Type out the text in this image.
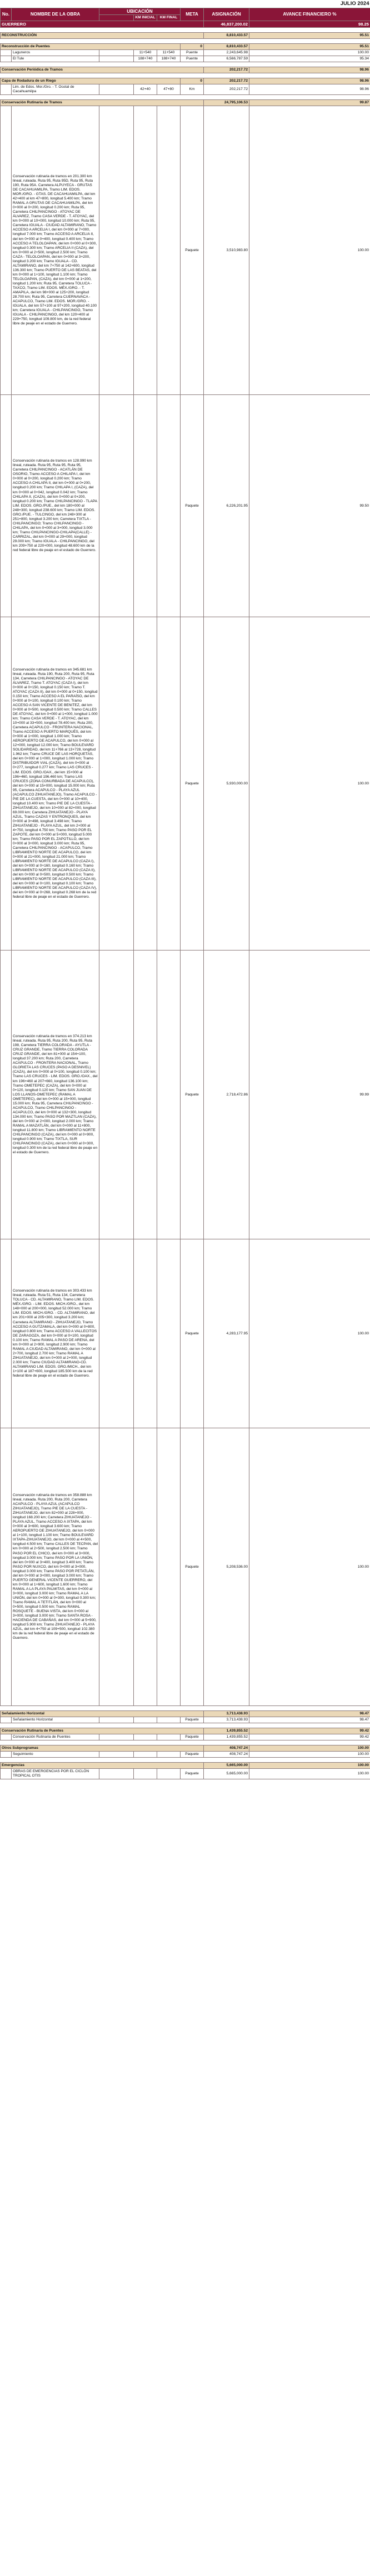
JULIO 2024							
No.	NOMBRE DE LA OBRA	UBICACIÓN			META	ASIGNACIÓN	AVANCE FINANCIERO %
			KM INICIAL	KM FINAL			
GUERRERO						46,837,200.02	98.25

RECONSTRUCCIÓN						8,810,433.57	95.51

Reconstrucción de Puentes					0	8,810,433.57	95.51
	Laguneros		11+540	11+540	Puente	2,243,645.98	100.00
	El Tule		188+740	188+740	Puente	6,566,787.59	95.34

Conservación Periódica de Tramos						202,217.72	98.96

Capa de Rodadura de un Riego					0	202,217.72	98.96
	Lim. de Edos. Mor./Gro. - T. Ocotal de Cacahuamilpa		42+40	47+80	Km	202,217.72	98.96

Conservación Rutinaria de Tramos						24,795,106.53	99.87
	Conservación rutinaria de tramos en 201.300 km lineal, ruteada. Ruta 95, Ruta 95D, Ruta 95, Ruta 190, Ruta 95A. Carretera ALPUYECA - GRUTAS DE CACAHUAMILPA, Tramo LIM. EDOS. MOR./GRO. - GTAS. DE CACAHUAMILPA, del km 42+400 al km 47+800, longitud 5.400 km; Tramo RAMAL A GRUTAS DE CACAHUAMILPA, del km 0+000 al 0+200, longitud 0.200 km; Ruta 95, Carretera CHILPANCINGO - ATOYAC DE ÁLVAREZ, Tramo CASA VERDE - T. ATOYAC, del km 0+000 al 10+000, longitud 10.000 km; Ruta 95, Carretera IGUALA - CIUDAD ALTAMIRANO, Tramo ACCESO A ARCELIA I, del km 0+000 al 7+000, longitud 7.000 km; Tramo ACCESO A ARCELIA II, del km 0+000 al 0+400, longitud 0.400 km; Tramo ACCESO A TELOLOAPAN, del km 0+000 al 0+300, longitud 0.300 km; Tramo ARCELIA II (CAZA), del km 0+000 al 2+500, longitud 2.500 km; Tramo CAZA - TELOLOAPAN, del km 0+000 al 3+200, longitud 3.200 km; Tramo IGUALA - CD. ALTAMIRANO, del km 7+750 al 142+600, longitud 136.300 km; Tramo PUERTO DE LAS BEATAS, del km 0+000 al 1+100, longitud 1.100 km; Tramo TELOLOAPAN, (CAZA), del km 0+000 al 1+200, longitud 1.200 km; Ruta 95, Carretera TOLUCA - TAXCO, Tramo LIM. EDOS. MÉX./GRO. - T. AMAPILA, del km 98+000 al 125+200, longitud 28.700 km; Ruta 95, Carretera CUERNAVACA - ACAPULCO, Tramo LIM. EDOS. MOR./GRO. - IGUALA, del km 57+100 al 97+200, longitud 40.100 km; Carretera IGUALA - CHILPANCINGO, Tramo IGUALA - CHILPANCINGO, del km 120+400 al 229+750, longitud 109.800 km, de la red federal libre de peaje en el estado de Guerrero.				Paquete	3,510,983.80	100.00
	Conservación rutinaria de tramos en 128.990 km lineal, ruteada. Ruta 95, Ruta 95, Ruta 95, Carretera CHILPANCINGO - ACATLÁN DE OSORIO, Tramo ACCESO A CHILAPA I, del km 0+000 al 0+200, longitud 0.200 km; Tramo ACCESO A CHILAPA II, del km 0+000 al 0+200, longitud 0.200 km; Tramo CHILAPA I, (CAZA), del km 0+000 al 0+042, longitud 0.042 km; Tramo CHILAPA II, (CAZA), del km 0+000 al 0+200, longitud 0.200 km; Tramo CHILPANCINGO - TLAPA LIM. EDOS. GRO./PUE., del km 180+000 al 248+300, longitud 238.600 km; Tramo LIM. EDOS. GRO./PUE. - TULCINGO, del km 248+300 al 251+800, longitud 3.200 km; Carretera TIXTLA - CHILPANCINGO; Tramo CHILPANCINGO - CHILAPA, del km 0+000 al 3+000, longitud 3.000 km; Tramo CHILPANCINGO-CHILAPA(CALLE) - CARRIZAL, del km 0+000 al 29+000, longitud 29.000 km; Tramo IGUALA - CHILPANCINGO, del km 209+750 al 220+000, longitud 48.600 km de la red federal libre de peaje en el estado de Guerrero.				Paquete	6,226,201.95	99.50
	Conservación rutinaria de tramos en 345.681 km lineal, ruteada. Ruta 190, Ruta 200, Ruta 95, Ruta 134, Carretera CHILPANCINGO - ATOYAC DE ÁLVAREZ, Tramo T. ATOYAC (CAZA I), del km 0+000 al 0+150, longitud 0.150 km; Tramo T. ATOYAC (CAZA II), del km 0+000 al 0+150, longitud 0.150 km; Tramo ACCESO A EL PARAÍSO, del km 0+000 al 0+100, longitud 0.100 km; Tramo ACCESO A SAN VICENTE DE BENITEZ, del km 0+000 al 0+500, longitud 0.500 km; Tramo CALLES DE ATOYAC, del km 0+000 al 1+000, longitud 1.000 km; Tramo CASA VERDE - T. ATOYAC, del km 10+000 al 33+500, longitud 78.400 km; Ruta 200, Carretera ACAPULCO - FRONTERA NACIONAL, Tramo ACCESO A PUERTO MARQUÉS, del km 0+000 al 1+000, longitud 1.000 km; Tramo AEROPUERTO DE ACAPULCO, del km 0+000 al 12+000, longitud 12.000 km; Tramo BOULEVARD SOLIDARIDAD, del km 11+766 al 13+728, longitud 1.962 km; Tramo CRUCE DE LAS HORQUETAS, del km 0+000 al 1+000, longitud 1.000 km; Tramo DISTRIBUIDOR VIAL (CAZA), del km 0+000 al 0+277, longitud 0.277 km; Tramo LAS CRUCES - LIM. EDOS. GRO./OAX., del km 15+000 al 196+460, longitud 196.460 km; Tramo LAS CRUCES (ZONA CONURBADA DE ACAPULCO), del km 0+000 al 15+000, longitud 15.000 km; Ruta 95, Carretera ACAPULCO - PLAYA AZUL (ACAPULCO ZIHUATANEJO), Tramo ACAPULCO - PIE DE LA CUESTA, del km 0+000 al 10+400, longitud 10.400 km; Tramo PIE DE LA CUESTA - ZIHUATANEJO, del km 10+000 al 82+000, longitud 69.000 km; Carretera ZIHUATANEJO - PLAYA AZUL, Tramo CAZAS Y ENTRONQUES, del km 0+000 al 3+498, longitud 3.498 km; Tramo ZIHUATANEJO - PLAYA AZUL, del km 2+000 al 4+750, longitud 4.750 km; Tramo PASO POR EL ZAPOTE, del km 0+000 al 5+000, longitud 5.000 km; Tramo PASO POR EL ZAPOTILLO, del km 0+000 al 3+000, longitud 3.000 km; Ruta 95, Carretera CHILPANCINGO - ACAPULCO, Tramo LIBRAMIENTO NORTE DE ACAPULCO, del km 0+000 al 21+000, longitud 21.000 km; Tramo LIBRAMIENTO NORTE DE ACAPULCO (CAZA I), del km 0+000 al 0+160, longitud 0.160 km; Tramo LIBRAMIENTO NORTE DE ACAPULCO (CAZA II), del km 0+000 al 0+500, longitud 0.500 km; Tramo LIBRAMIENTO NORTE DE ACAPULCO (CAZA III), del km 0+000 al 0+100, longitud 0.100 km; Tramo LIBRAMIENTO NORTE DE ACAPULCO (CAZA IV), del km 0+000 al 0+268, longitud 0.268 km de la red federal libre de peaje en el estado de Guerrero.				Paquete	5,930,000.00	100.00
	Conservación rutinaria de tramos en 374.213 km lineal, ruteada. Ruta 95, Ruta 200, Ruta 95, Ruta 198, Carretera TIERRA COLORADA - AYUTLA - CRUZ GRANDE, Tramo TIERRA COLORADA CRUZ GRANDE, del km 81+000 al 154+100, longitud 37.200 km; Ruta 200, Carretera ACAPULCO - FRONTERA NACIONAL, Tramo GLORIETA LAS CRUCES (PASO A DESNIVEL) (CAZA), del km 0+000 al 0+100, longitud 0.100 km; Tramo LAS CRUCES - LIM. EDOS. GRO./OAX., del km 196+460 al 207+660, longitud 136.100 km; Tramo OMETEPEC (CAZA), del km 0+000 al 0+120, longitud 0.120 km; Tramo SAN JUAN DE LOS LLANOS-OMETEPEC (RAMAL A OMETEPEC), del km 0+000 al 15+000, longitud 15.000 km; Ruta 95, Carretera CHILPANCINGO - ACAPULCO, Tramo CHILPANCINGO - ACAPULCO, del km 0+000 al 132+300, longitud 134.000 km; Tramo PASO POR MAZTLAN (CAZA), del km 0+000 al 2+000, longitud 2.000 km; Tramo RAMAL A MAZATLÁN, del km 0+000 al 11+800, longitud 11.800 km; Tramo LIBRAMIENTO NORTE CHILPANCINGO (CAZA), del km 0+000 al 0+900, longitud 0.900 km; Tramo TIXTLA, SUR CHILPANCINGO (CAZA), del km 0+000 al 0+300, longitud 0.300 km de la red federal libre de peaje en el estado de Guerrero.				Paquete	2,718,472.86	99.99
	Conservación rutinaria de tramos en 303.433 km lineal, ruteada. Ruta 51, Ruta 134, Carretera TOLUCA - CD. ALTAMIRANO, Tramo LIM. EDOS. MÉX./GRO. - LIM. EDOS. MICH./GRO., del km 148+000 al 200+000, longitud 52.000 km; Tramo LIM. EDOS. MICH./GRO. - CD. ALTAMIRANO, del km 201+000 al 205+300, longitud 3.200 km; Carretera ALTAMIRANO - ZIHUATANEJO, Tramo ACCESO A GUTZAMALA, del km 0+000 al 0+800, longitud 0.800 km; Tramo ACCESO A VALLECITOS DE ZARAGOZA, del km 0+000 al 0+100, longitud 0.100 km; Tramo RAMAL A PASO DE ARENA, del km 0+000 al 2+900, longitud 2.900 km; Tramo RAMAL A CIUDAD ALTAMIRANO, del km 0+000 al 2+700, longitud 2.700 km; Tramo RAMAL A ZIHUATANEJO, del km 0+000 al 2+000, longitud 2.000 km; Tramo CIUDAD ALTAMIRANO-CD. ALTAMIRANO LIM. EDOS. GRO./MICH., del km 1+100 al 187+600, longitud 185.500 km de la red federal libre de peaje en el estado de Guerrero.				Paquete	4,283,177.95	100.00
	Conservación rutinaria de tramos en 358.888 km lineal, ruteada. Ruta 200, Ruta 200, Carretera ACAPULCO - PLAYA AZUL (ACAPULCO ZIHUATANEJO), Tramo PIE DE LA CUESTA - ZIHUATANEJO, del km 82+000 al 228+000, longitud 168.200 km; Carretera ZIHUATANEJO - PLAYA AZUL, Tramo ACCESO A IXTAPA, del km 0+000 al 3+600, longitud 3.600 km; Tramo AEROPUERTO DE ZIHUATANEJO, del km 0+000 al 1+100, longitud 1.100 km; Tramo BOULEVARD IXTAPA-ZIHUATANEJO, del km 0+000 al 4+500, longitud 4.500 km; Tramo CALLES DE TECPAN, del km 0+000 al 2+500, longitud 2.500 km; Tramo PASO POR EL CHICO, del km 0+000 al 3+000, longitud 3.000 km; Tramo PASO POR LA UNIÓN, del km 0+000 al 3+400, longitud 3.400 km; Tramo PASO POR NUXCO, del km 0+000 al 3+000, longitud 3.000 km; Tramo PASO POR PETATLÁN, del km 0+000 al 3+000, longitud 3.000 km; Tramo PUERTO GENERAL VICENTE GUERRERO, del km 0+000 al 1+600, longitud 1.600 km; Tramo RAMAL A LA PLAYA PALMITAS, del km 0+000 al 3+000, longitud 3.000 km; Tramo RAMAL A LA UNIÓN, del km 0+000 al 0+300, longitud 0.300 km; Tramo RAMAL A TETITLÁN, del km 0+000 al 0+500, longitud 0.500 km; Tramo RAMAL ROSQUETE - BUENA VISTA, del km 0+000 al 3+000, longitud 3.000 km; Tramo SANTA ROSA - HACIENDA DE CABAÑAS, del km 0+000 al 5+900, longitud 5.900 km; Tramo ZIHUATANEJO - PLAYA AZUL, del km 4+750 al 109+500, longitud 102.380 km de la red federal libre de peaje en el estado de Guerrero.				Paquete	5,208,536.00	100.00

Señalamiento Horizontal						3,713,438.93	98.47
	Señalamiento Horizontal				Paquete	3,713,438.93	98.47

Conservación Rutinaria de Puentes						1,439,855.52	99.42
	Conservación Rutinaria de Puentes				Paquete	1,439,855.52	99.42

Otros Subprogramas						408,747.24	100.00
	Seguimiento				Paquete	408,747.24	100.00

Emergencias						5,665,000.00	100.00
	OBRAS DE EMERGENCIAS POR EL CICLÓN TROPICAL OTIS				Paquete	5,665,000.00	100.00
